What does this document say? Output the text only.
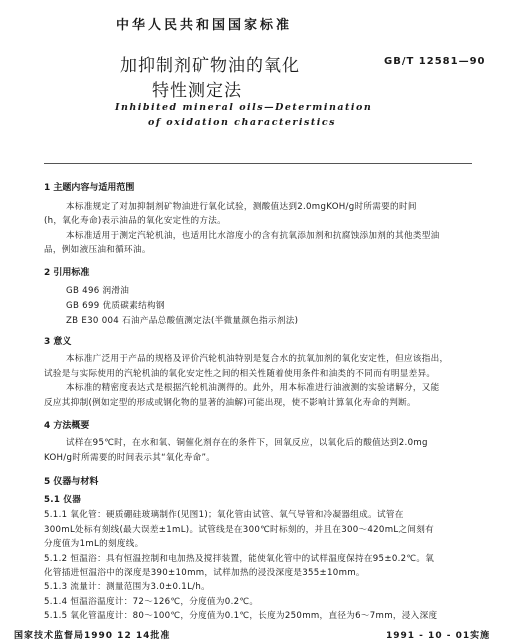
中华人民共和国国家标准
GB/T 12581—90
加抑制剂矿物油的氧化
特性测定法
Inhibited mineral oils—Determination
of oxidation characteristics
1 主题内容与适用范围
本标准规定了对加抑制剂矿物油进行氧化试验，测酸值达到2.0mgKOH/g时所需要的时间
(h，氧化寿命)表示油品的氧化安定性的方法。
本标准适用于测定汽轮机油，也适用比水溶度小的含有抗氧添加剂和抗腐蚀添加剂的其他类型油
品，例如液压油和循环油。
2 引用标准
GB 496 润滑油
GB 699 优质碳素结构钢
ZB E30 004 石油产品总酸值测定法(半微量颜色指示剂法)
3 意义
本标准广泛用于产品的规格及评价汽轮机油特别是复合水的抗氧加剂的氧化安定性，但应该指出，
试验是与实际使用的汽轮机油的氧化安定性之间的相关性随着使用条件和油类的不同而有明显差异。
本标准的精密度表达式是根据汽轮机油测得的。此外，用本标准进行油液测的实验诸解分，又能
反应其抑制(例如定型的形成或钢化物的显著的油解)可能出现，使不影响计算氧化寿命的判断。
4 方法概要
试样在95℃时，在水和氧、铜催化剂存在的条件下，回氧反应，以氧化后的酸值达到2.0mg
KOH/g时所需要的时间表示其“氧化寿命”。
5 仪器与材料
5.1 仪器
5.1.1 氧化管：硬质硼硅玻璃制作(见图1)；氧化管由试管、氧气导管和冷凝器组成。试管在
300mL处标有刻线(最大误差±1mL)。试管线是在300℃时标刻的，并且在300～420mL之间刻有
分度值为1mL的刻度线。
5.1.2 恒温浴：具有恒温控制和电加热及搅拌装置，能使氧化管中的试样温度保持在95±0.2℃。氧
化管插进恒温浴中的深度是390±10mm，试样加热的浸没深度是355±10mm。
5.1.3 流量计：测量范围为3.0±0.1L/h。
5.1.4 恒温浴温度计：72～126℃，分度值为0.2℃。
5.1.5 氧化管温度计：80～100℃，分度值为0.1℃，长度为250mm，直径为6～7mm，浸入深度
国家技术监督局1990 12 14批准	1991 - 10 - 01实施
